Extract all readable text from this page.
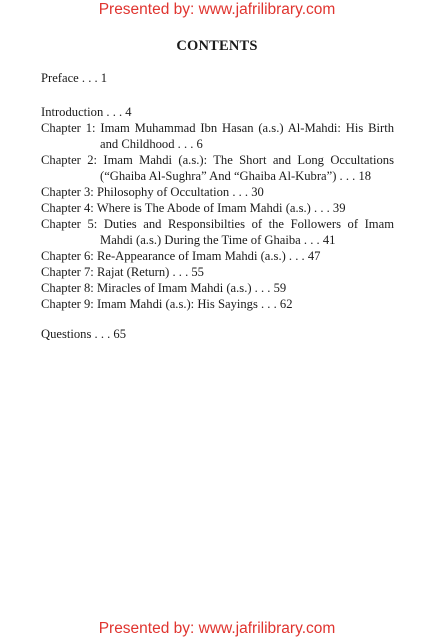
Presented by: www.jafrilibrary.com
CONTENTS
Preface . . . 1
Introduction . . . 4
Chapter 1: Imam Muhammad Ibn Hasan (a.s.) Al-Mahdi: His Birth and Childhood . . . 6
Chapter 2: Imam Mahdi (a.s.): The Short and Long Occultations (“Ghaiba Al-Sughra” And “Ghaiba Al-Kubra”) . . . 18
Chapter 3: Philosophy of Occultation . . . 30
Chapter 4: Where is The Abode of Imam Mahdi (a.s.) . . . 39
Chapter 5: Duties and Responsibilties of the Followers of Imam Mahdi (a.s.) During the Time of Ghaiba . . . 41
Chapter 6: Re-Appearance of Imam Mahdi (a.s.) . . . 47
Chapter 7: Rajat (Return) . . . 55
Chapter 8: Miracles of Imam Mahdi (a.s.) . . . 59
Chapter 9: Imam Mahdi (a.s.): His Sayings . . . 62
Questions . . . 65
Presented by: www.jafrilibrary.com
